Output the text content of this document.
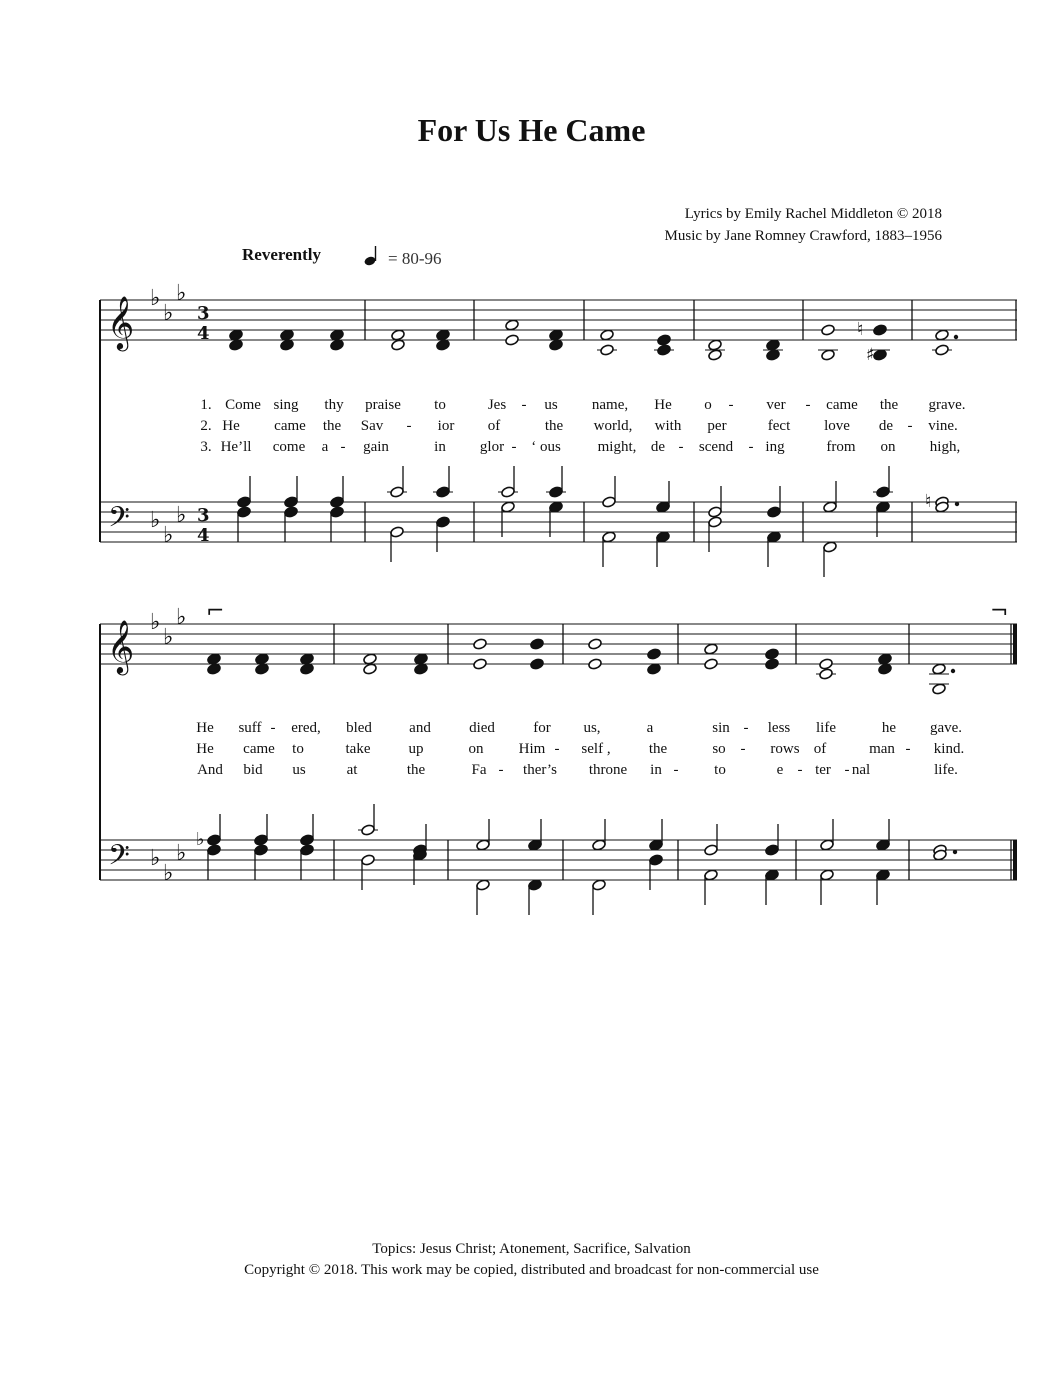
For Us He Came
Lyrics by Emily Rachel Middleton © 2018
Music by Jane Romney Crawford, 1883–1956
Reverently	= 80-96
𝄞
𝄢
♭
♭
♭
♭
♭
♭
3
4
3
4
♮
♯
♮
𝄞
𝄢
♭
♭
♭
♭
♭
♭
⌐	¬
♭
1. Come sing thy praise to	Jes - us name, He o - ver - came the grave.
2. He came the Sav - ior of	the world, with per	fect love de - vine.
3. He’ll come a - gain	in glor - ‘ ous might, de - scend - ing	from on high,
He suff - ered, bled and	died	for us,	a	sin - less life	he gave.
He came to	take	up	on Him - self ,	the	so - rows of	man - kind.
And bid us	at	the	Fa - ther’s throne in - to	e - ter - nal	life.
Topics: Jesus Christ; Atonement, Sacrifice, Salvation
Copyright © 2018. This work may be copied, distributed and broadcast for non-commercial use
